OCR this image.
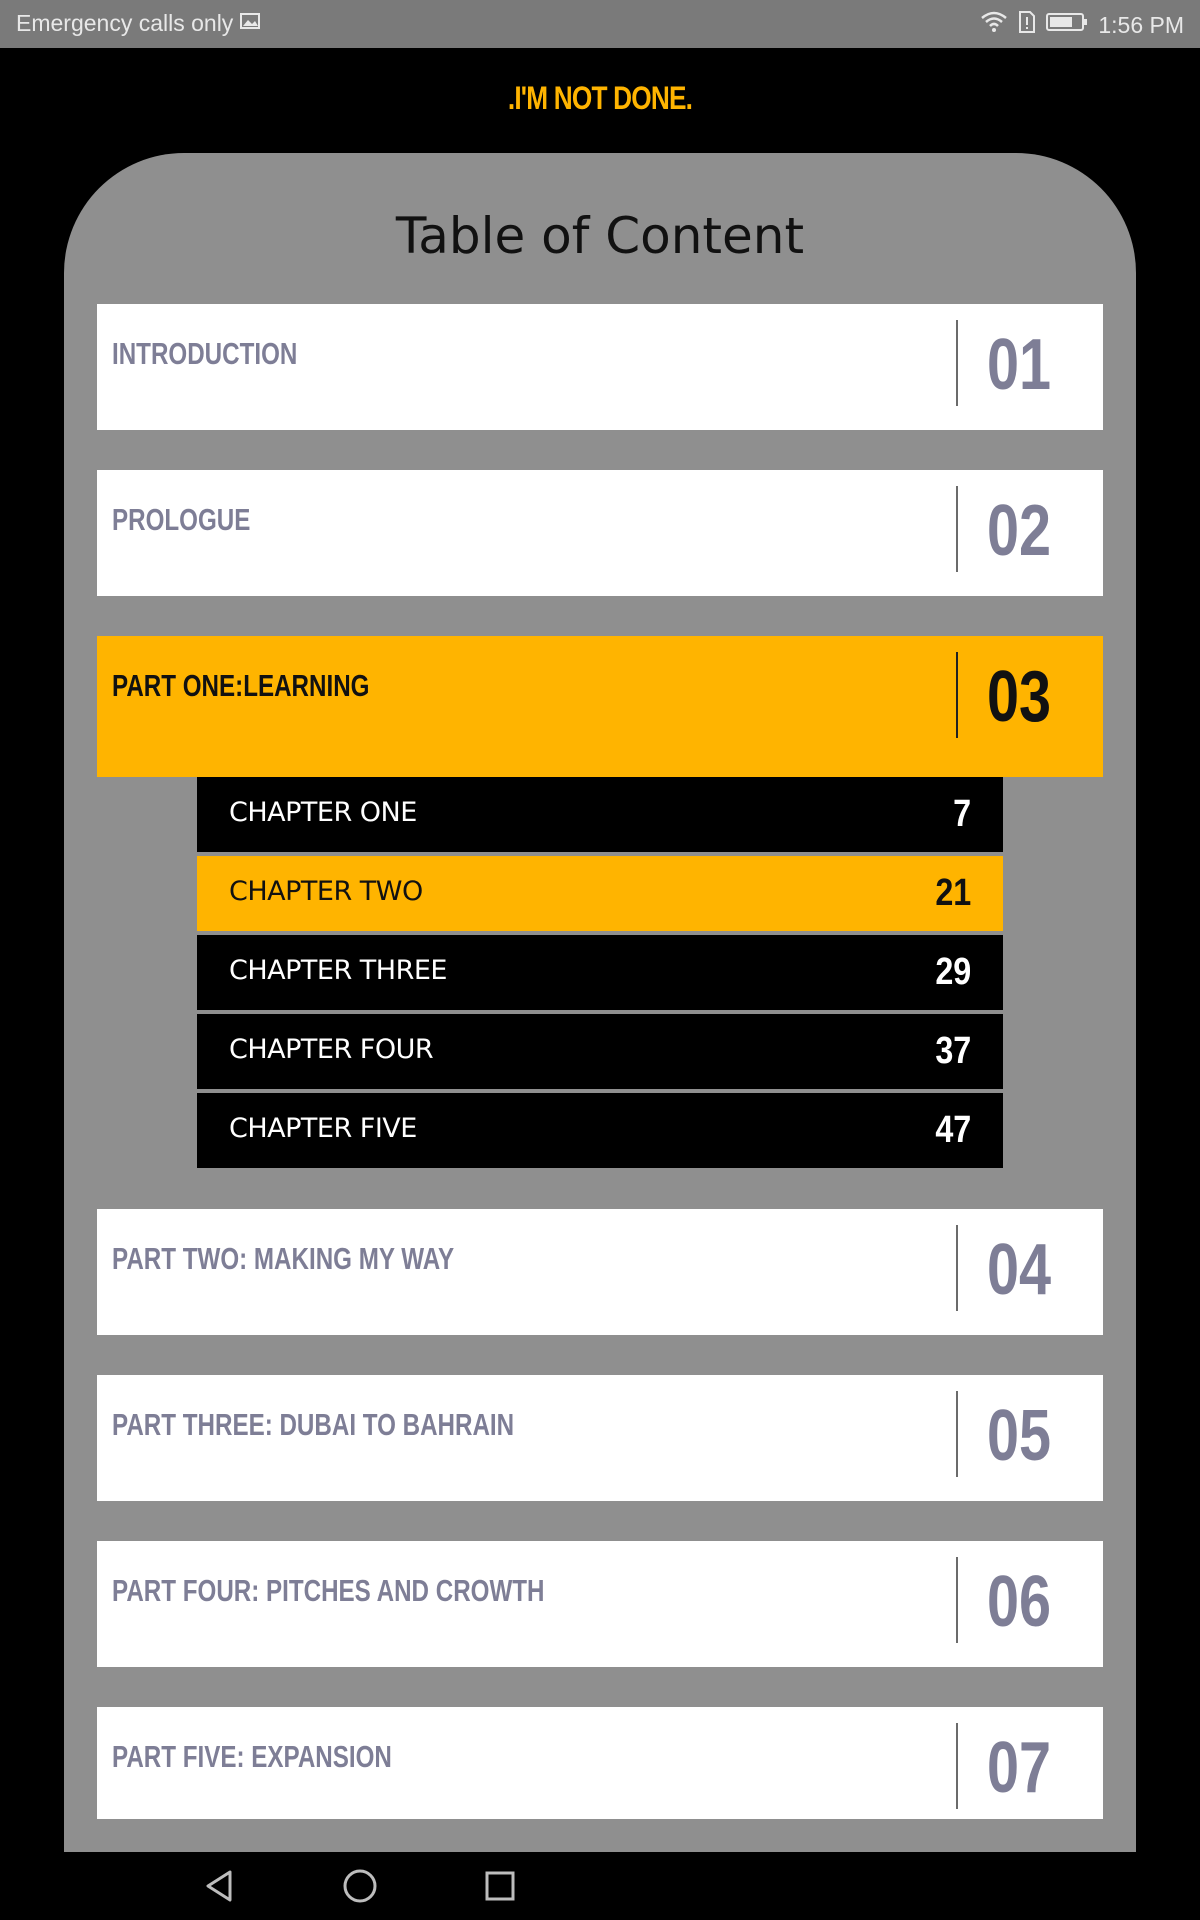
Emergency calls only	1:56 PM
.I'M NOT DONE.
Table of Content
INTRODUCTION	01
PROLOGUE	02
PART ONE:LEARNING	03
CHAPTER ONE	7
CHAPTER TWO	21
CHAPTER THREE	29
CHAPTER FOUR	37
CHAPTER FIVE	47
PART TWO: MAKING MY WAY	04
PART THREE: DUBAI TO BAHRAIN	05
PART FOUR: PITCHES AND CROWTH	06
PART FIVE: EXPANSION	07
